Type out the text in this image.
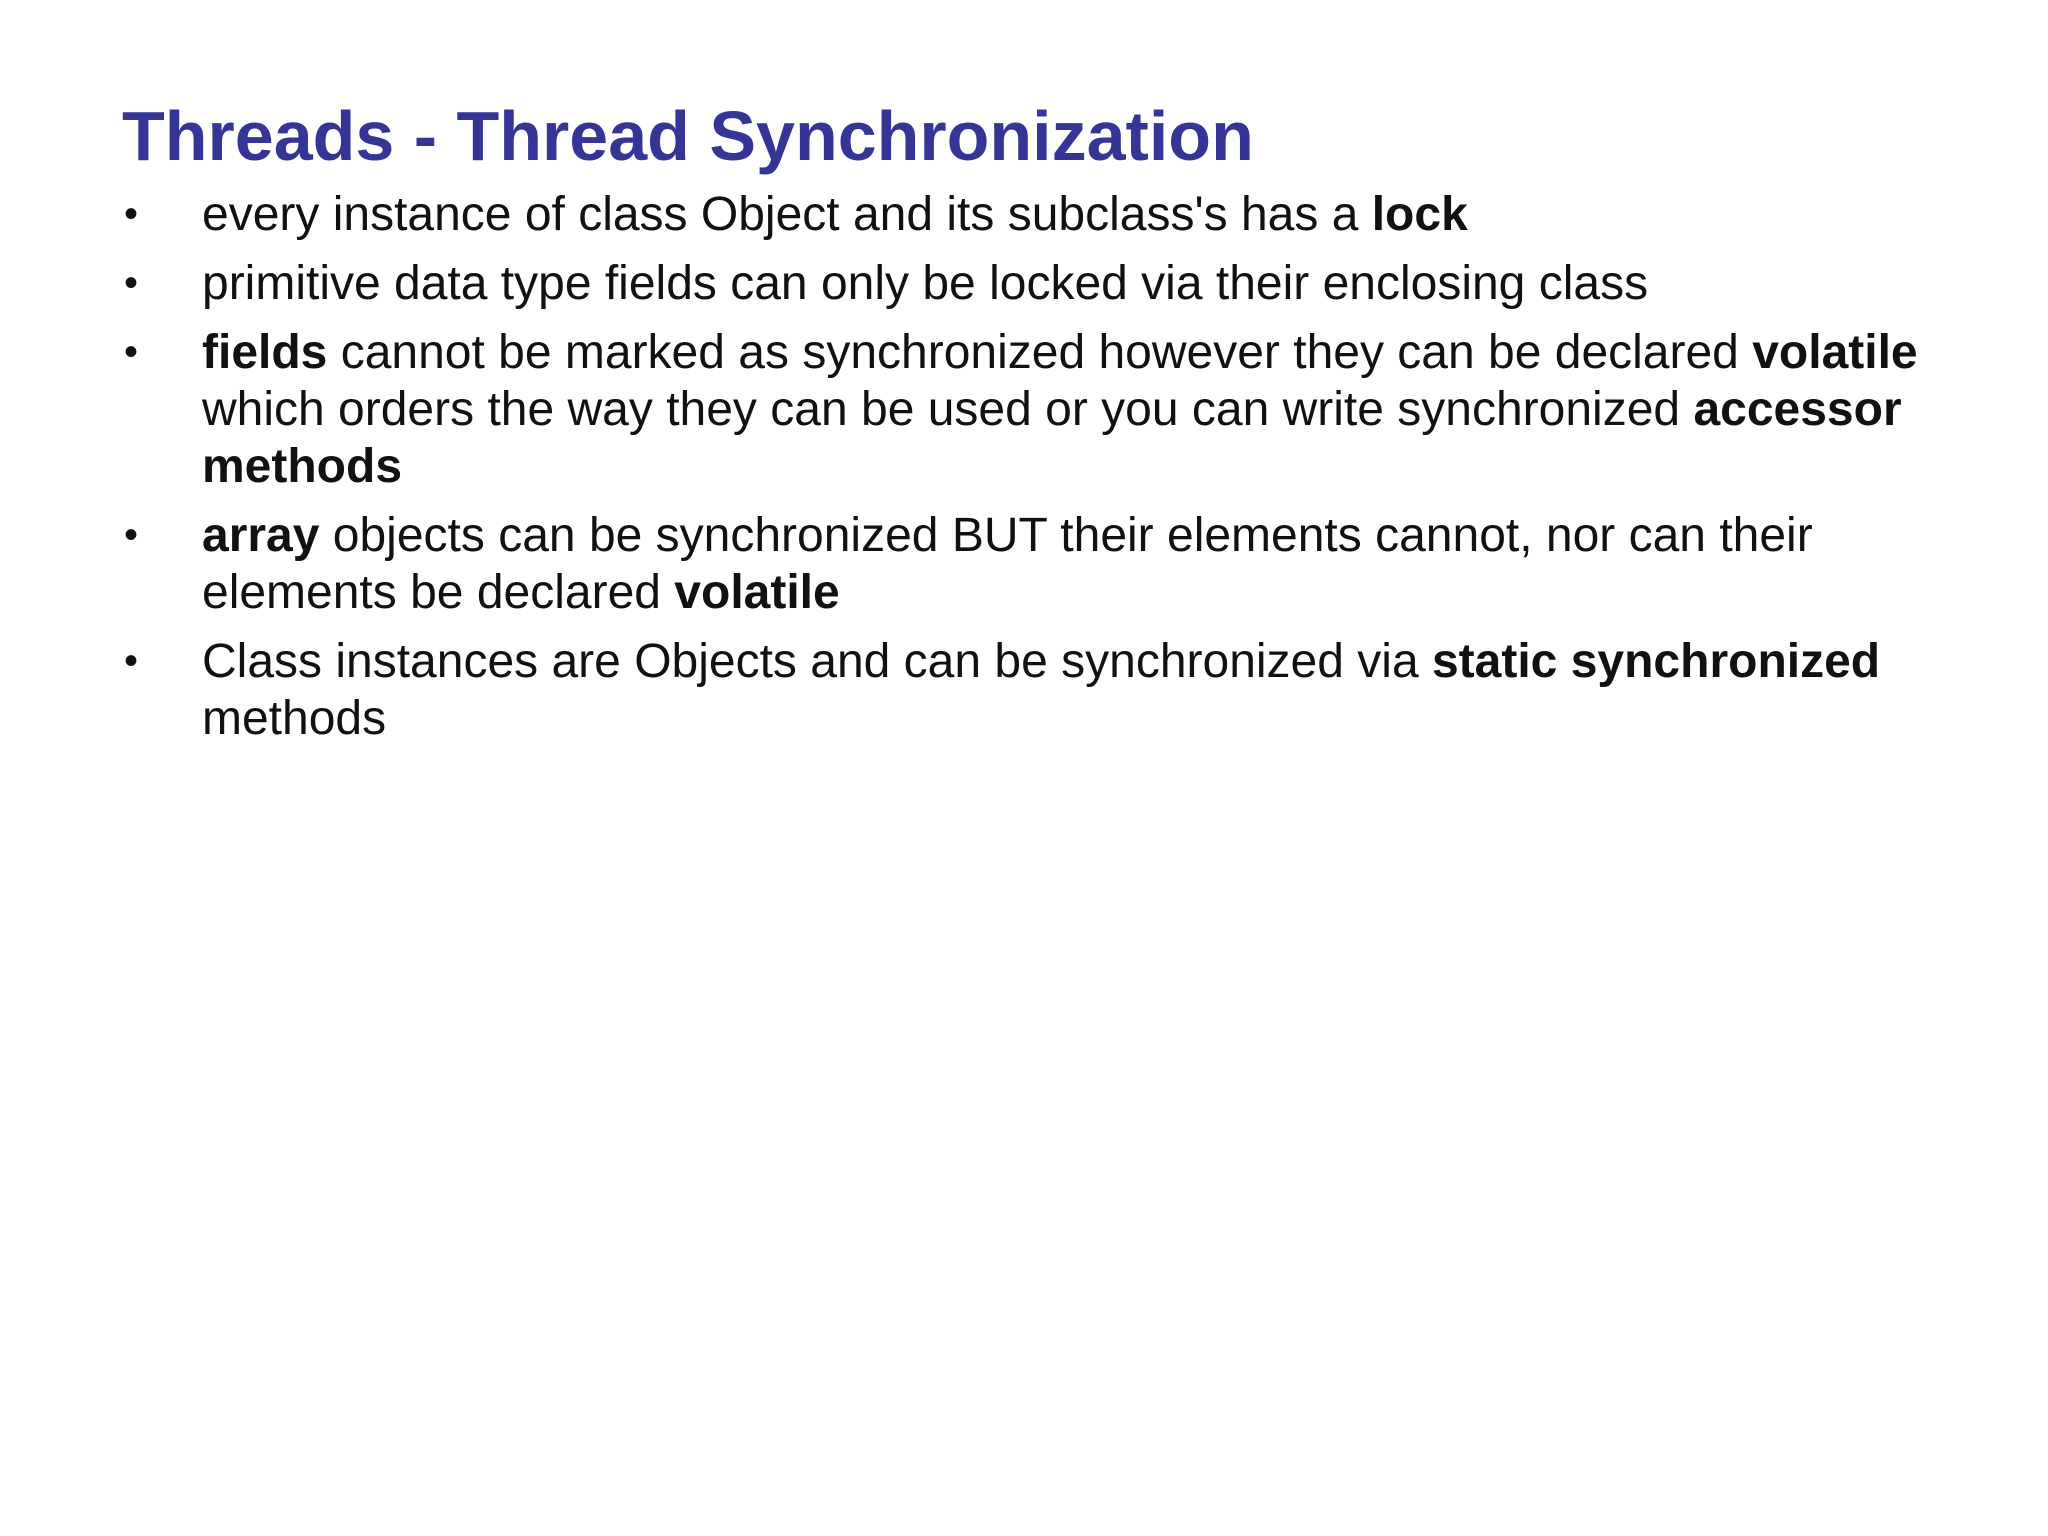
Threads - Thread Synchronization
•	every instance of class Object and its subclass's has a lock
•	primitive data type fields can only be locked via their enclosing class
•	fields cannot be marked as synchronized however they can be declared volatile which orders the way they can be used or you can write synchronized accessor methods
•	array objects can be synchronized BUT their elements cannot, nor can their elements be declared volatile
•	Class instances are Objects and can be synchronized via static synchronized methods
